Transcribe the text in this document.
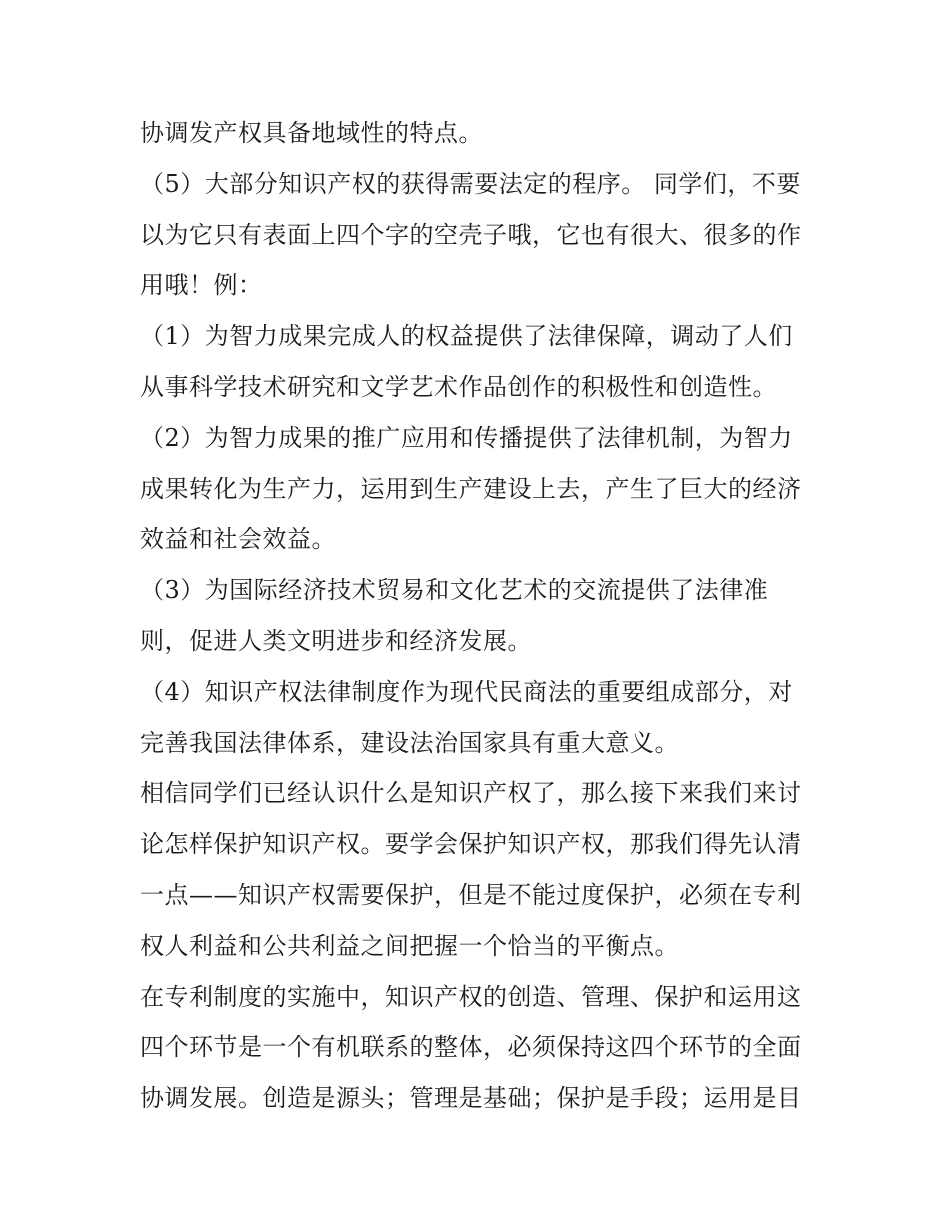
协调发产权具备地域性的特点。
（5）大部分知识产权的获得需要法定的程序。 同学们，不要
以为它只有表面上四个字的空壳子哦，它也有很大、很多的作
用哦！例：
（1）为智力成果完成人的权益提供了法律保障，调动了人们
从事科学技术研究和文学艺术作品创作的积极性和创造性。
（2）为智力成果的推广应用和传播提供了法律机制，为智力
成果转化为生产力，运用到生产建设上去，产生了巨大的经济
效益和社会效益。
（3）为国际经济技术贸易和文化艺术的交流提供了法律准
则，促进人类文明进步和经济发展。
（4）知识产权法律制度作为现代民商法的重要组成部分，对
完善我国法律体系，建设法治国家具有重大意义。
相信同学们已经认识什么是知识产权了，那么接下来我们来讨
论怎样保护知识产权。要学会保护知识产权，那我们得先认清
一点——知识产权需要保护，但是不能过度保护，必须在专利
权人利益和公共利益之间把握一个恰当的平衡点。
在专利制度的实施中，知识产权的创造、管理、保护和运用这
四个环节是一个有机联系的整体，必须保持这四个环节的全面
协调发展。创造是源头；管理是基础；保护是手段；运用是目
